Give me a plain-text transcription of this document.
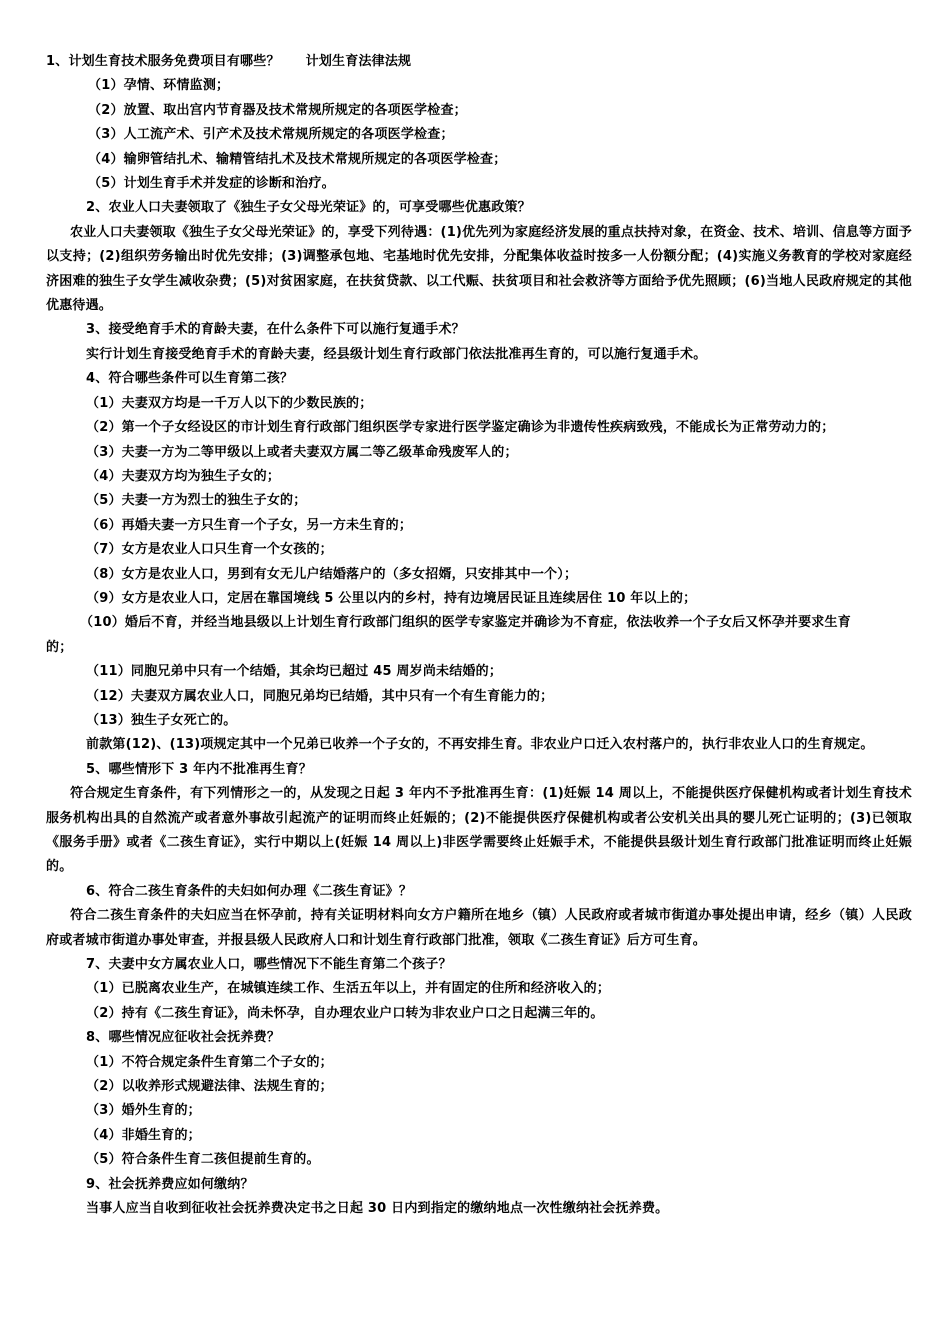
1、计划生育技术服务免费项目有哪些？ 计划生育法律法规
（1）孕情、环情监测；
（2）放置、取出宫内节育器及技术常规所规定的各项医学检查；
（3）人工流产术、引产术及技术常规所规定的各项医学检查；
（4）输卵管结扎术、输精管结扎术及技术常规所规定的各项医学检查；
（5）计划生育手术并发症的诊断和治疗。
2、农业人口夫妻领取了《独生子女父母光荣证》的，可享受哪些优惠政策？
农业人口夫妻领取《独生子女父母光荣证》的，享受下列待遇：(1)优先列为家庭经济发展的重点扶持对象，在资金、技术、培训、信息等方面予以支持；(2)组织劳务输出时优先安排；(3)调整承包地、宅基地时优先安排，分配集体收益时按多一人份额分配；(4)实施义务教育的学校对家庭经济困难的独生子女学生减收杂费；(5)对贫困家庭，在扶贫贷款、以工代赈、扶贫项目和社会救济等方面给予优先照顾；(6)当地人民政府规定的其他优惠待遇。
3、接受绝育手术的育龄夫妻，在什么条件下可以施行复通手术？
实行计划生育接受绝育手术的育龄夫妻，经县级计划生育行政部门依法批准再生育的，可以施行复通手术。
4、符合哪些条件可以生育第二孩？
（1）夫妻双方均是一千万人以下的少数民族的；
（2）第一个子女经设区的市计划生育行政部门组织医学专家进行医学鉴定确诊为非遗传性疾病致残，不能成长为正常劳动力的；
（3）夫妻一方为二等甲级以上或者夫妻双方属二等乙级革命残废军人的；
（4）夫妻双方均为独生子女的；
（5）夫妻一方为烈士的独生子女的；
（6）再婚夫妻一方只生育一个子女，另一方未生育的；
（7）女方是农业人口只生育一个女孩的；
（8）女方是农业人口，男到有女无儿户结婚落户的（多女招婿，只安排其中一个）；
（9）女方是农业人口，定居在靠国境线 5 公里以内的乡村，持有边境居民证且连续居住 10 年以上的；
（10）婚后不育，并经当地县级以上计划生育行政部门组织的医学专家鉴定并确诊为不育症，依法收养一个子女后又怀孕并要求生育
的；
（11）同胞兄弟中只有一个结婚，其余均已超过 45 周岁尚未结婚的；
（12）夫妻双方属农业人口，同胞兄弟均已结婚，其中只有一个有生育能力的；
（13）独生子女死亡的。
前款第(12)、(13)项规定其中一个兄弟已收养一个子女的，不再安排生育。非农业户口迁入农村落户的，执行非农业人口的生育规定。
5、哪些情形下 3 年内不批准再生育？
符合规定生育条件，有下列情形之一的，从发现之日起 3 年内不予批准再生育：(1)妊娠 14 周以上，不能提供医疗保健机构或者计划生育技术服务机构出具的自然流产或者意外事故引起流产的证明而终止妊娠的；(2)不能提供医疗保健机构或者公安机关出具的婴儿死亡证明的；(3)已领取《服务手册》或者《二孩生育证》，实行中期以上(妊娠 14 周以上)非医学需要终止妊娠手术，不能提供县级计划生育行政部门批准证明而终止妊娠的。
6、符合二孩生育条件的夫妇如何办理《二孩生育证》？
符合二孩生育条件的夫妇应当在怀孕前，持有关证明材料向女方户籍所在地乡（镇）人民政府或者城市街道办事处提出申请，经乡（镇）人民政府或者城市街道办事处审查，并报县级人民政府人口和计划生育行政部门批准，领取《二孩生育证》后方可生育。
7、夫妻中女方属农业人口，哪些情况下不能生育第二个孩子？
（1）已脱离农业生产，在城镇连续工作、生活五年以上，并有固定的住所和经济收入的；
（2）持有《二孩生育证》，尚未怀孕，自办理农业户口转为非农业户口之日起满三年的。
8、哪些情况应征收社会抚养费？
（1）不符合规定条件生育第二个子女的；
（2）以收养形式规避法律、法规生育的；
（3）婚外生育的；
（4）非婚生育的；
（5）符合条件生育二孩但提前生育的。
9、社会抚养费应如何缴纳？
当事人应当自收到征收社会抚养费决定书之日起 30 日内到指定的缴纳地点一次性缴纳社会抚养费。
